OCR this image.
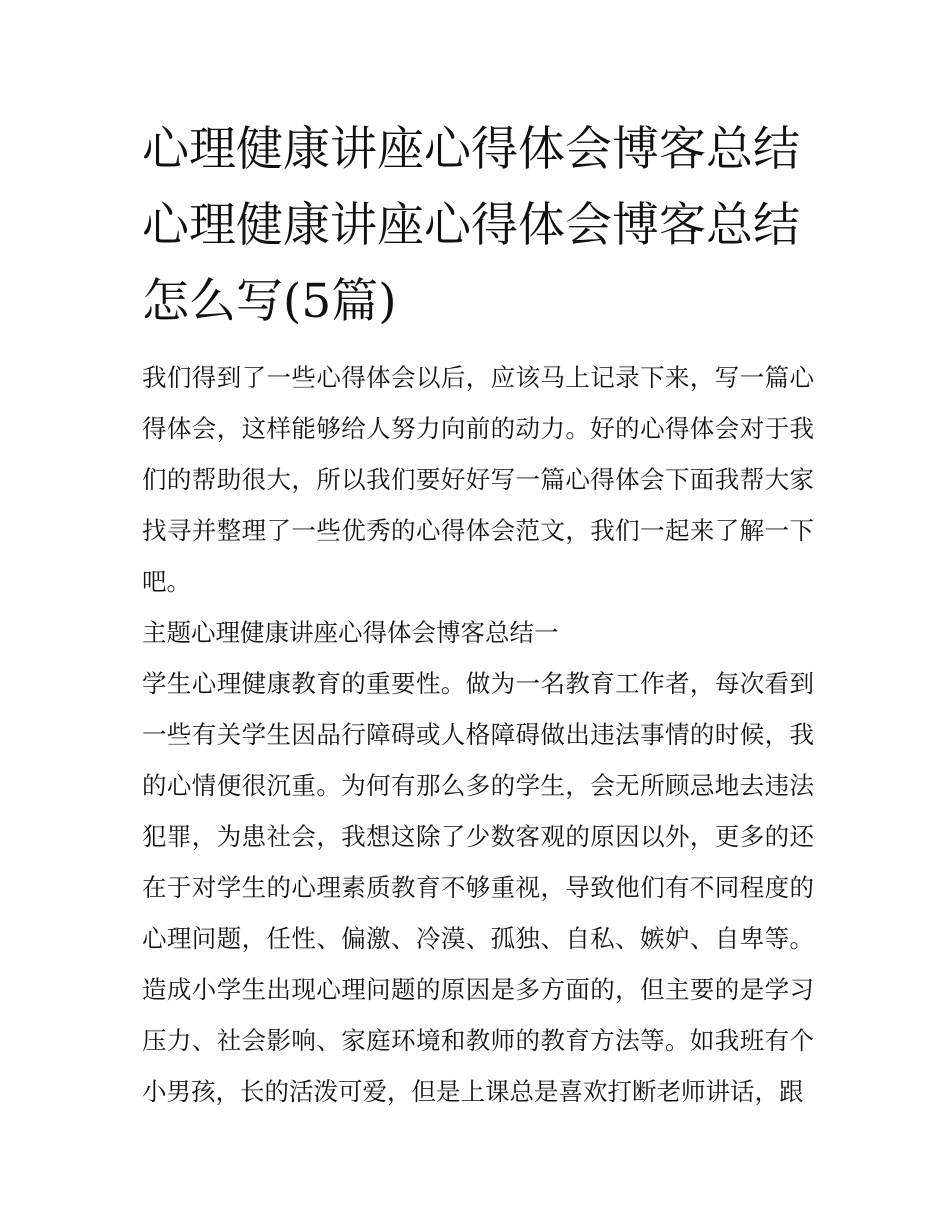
心理健康讲座心得体会博客总结 心理健康讲座心得体会博客总结怎么写(5篇)

我们得到了一些心得体会以后，应该马上记录下来，写一篇心得体会，这样能够给人努力向前的动力。好的心得体会对于我们的帮助很大，所以我们要好好写一篇心得体会下面我帮大家找寻并整理了一些优秀的心得体会范文，我们一起来了解一下吧。

主题心理健康讲座心得体会博客总结一

学生心理健康教育的重要性。做为一名教育工作者，每次看到一些有关学生因品行障碍或人格障碍做出违法事情的时候，我的心情便很沉重。为何有那么多的学生，会无所顾忌地去违法犯罪，为患社会，我想这除了少数客观的原因以外，更多的还在于对学生的心理素质教育不够重视，导致他们有不同程度的心理问题，任性、偏激、冷漠、孤独、自私、嫉妒、自卑等。造成小学生出现心理问题的原因是多方面的，但主要的是学习压力、社会影响、家庭环境和教师的教育方法等。如我班有个小男孩，长的活泼可爱，但是上课总是喜欢打断老师讲话，跟
